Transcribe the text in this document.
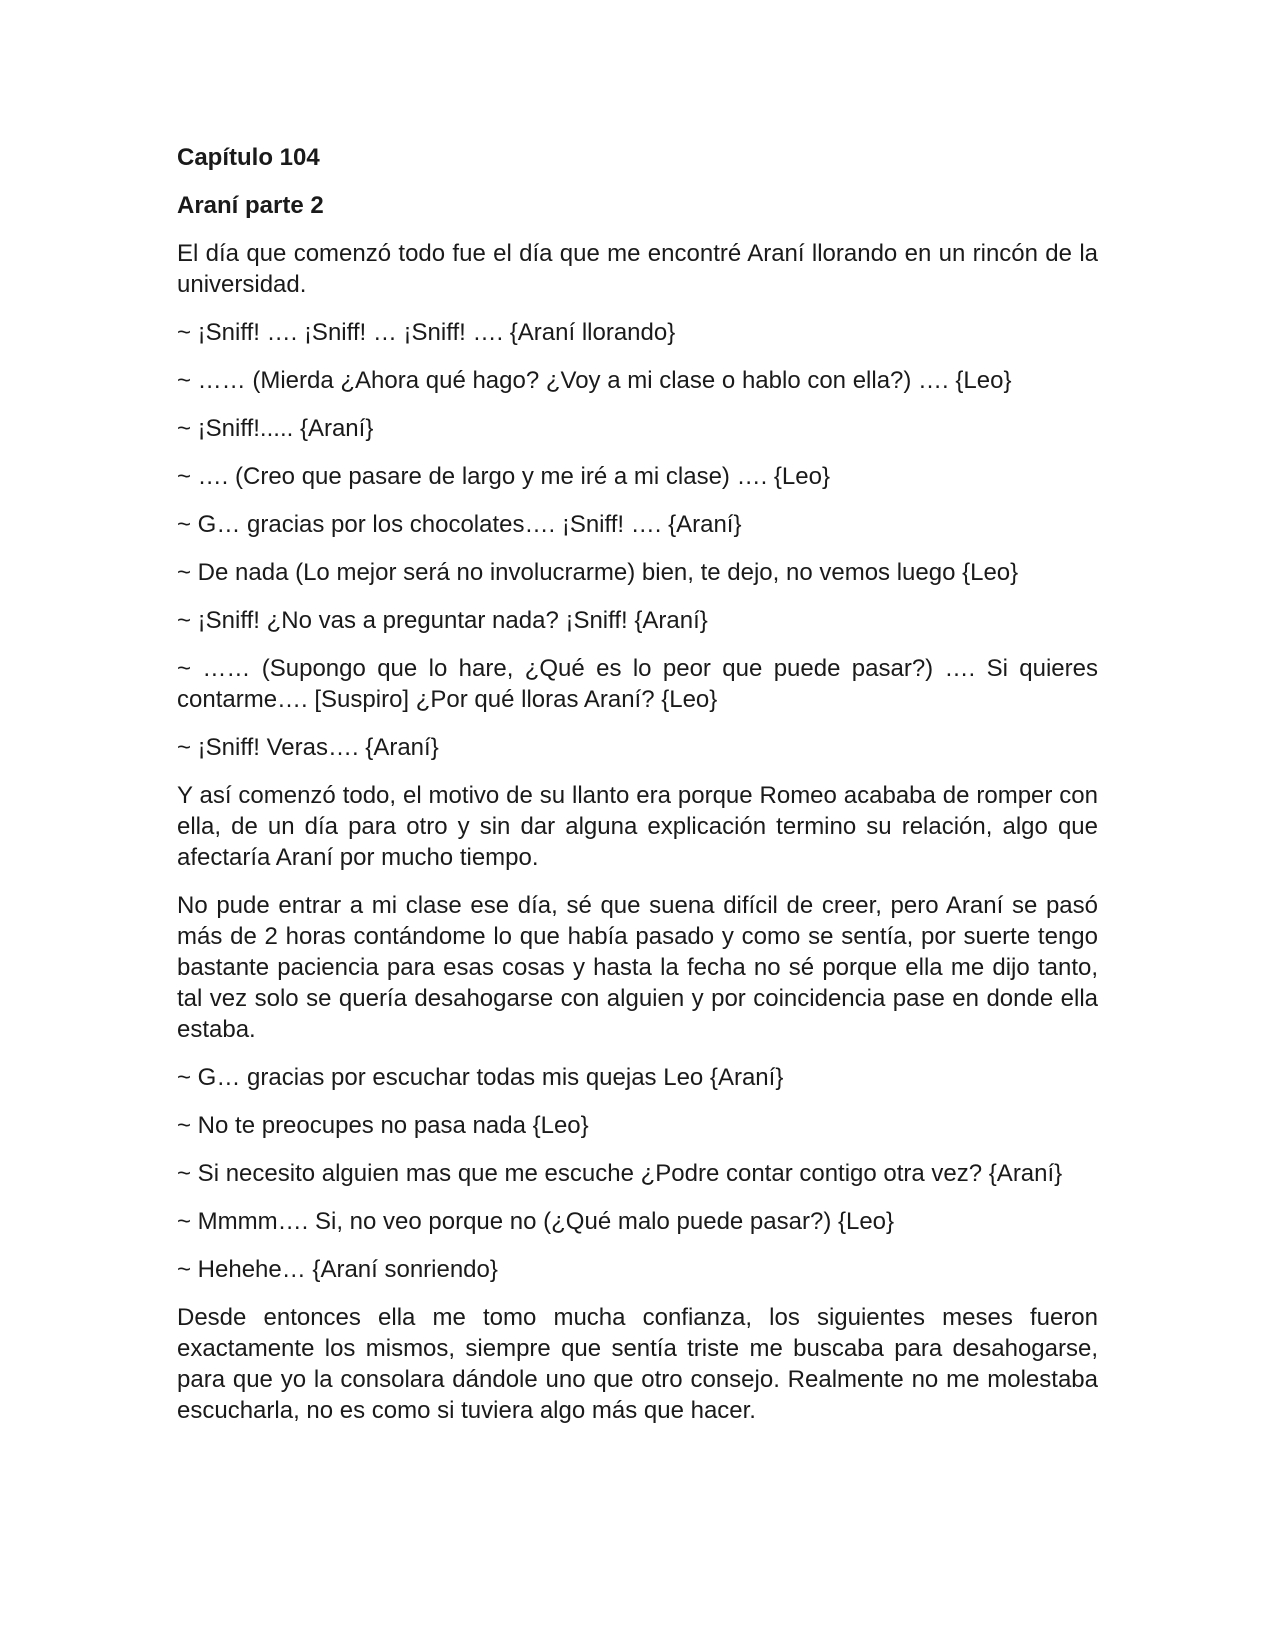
Capítulo 104

Araní parte 2

El día que comenzó todo fue el día que me encontré Araní llorando en un rincón de la universidad.

~ ¡Sniff! …. ¡Sniff! … ¡Sniff! …. {Araní llorando}

~ …… (Mierda ¿Ahora qué hago? ¿Voy a mi clase o hablo con ella?) …. {Leo}

~ ¡Sniff!..... {Araní}

~ …. (Creo que pasare de largo y me iré a mi clase) …. {Leo}

~ G… gracias por los chocolates…. ¡Sniff! …. {Araní}

~ De nada (Lo mejor será no involucrarme) bien, te dejo, no vemos luego {Leo}

~ ¡Sniff! ¿No vas a preguntar nada? ¡Sniff! {Araní}

~ …… (Supongo que lo hare, ¿Qué es lo peor que puede pasar?) …. Si quieres contarme…. [Suspiro] ¿Por qué lloras Araní? {Leo}

~ ¡Sniff! Veras…. {Araní}

Y así comenzó todo, el motivo de su llanto era porque Romeo acababa de romper con ella, de un día para otro y sin dar alguna explicación termino su relación, algo que afectaría Araní por mucho tiempo.

No pude entrar a mi clase ese día, sé que suena difícil de creer, pero Araní se pasó más de 2 horas contándome lo que había pasado y como se sentía, por suerte tengo bastante paciencia para esas cosas y hasta la fecha no sé porque ella me dijo tanto, tal vez solo se quería desahogarse con alguien y por coincidencia pase en donde ella estaba.

~ G… gracias por escuchar todas mis quejas Leo {Araní}

~ No te preocupes no pasa nada {Leo}

~ Si necesito alguien mas que me escuche ¿Podre contar contigo otra vez? {Araní}

~ Mmmm…. Si, no veo porque no (¿Qué malo puede pasar?) {Leo}

~ Hehehe… {Araní sonriendo}

Desde entonces ella me tomo mucha confianza, los siguientes meses fueron exactamente los mismos, siempre que sentía triste me buscaba para desahogarse, para que yo la consolara dándole uno que otro consejo. Realmente no me molestaba escucharla, no es como si tuviera algo más que hacer.
